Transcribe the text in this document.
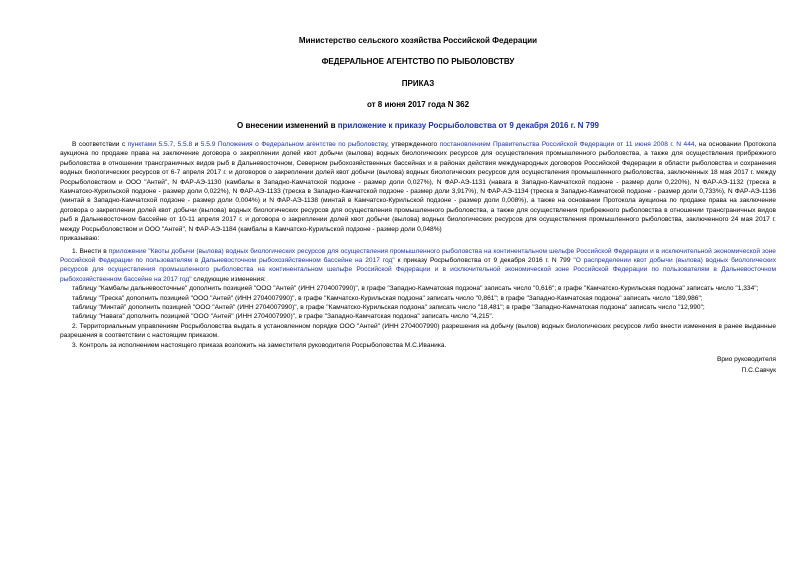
Министерство сельского хозяйства Российской Федерации
ФЕДЕРАЛЬНОЕ АГЕНТСТВО ПО РЫБОЛОВСТВУ
ПРИКАЗ
от 8 июня 2017 года N 362
О внесении изменений в приложение к приказу Росрыболовства от 9 декабря 2016 г. N 799

В соответствии с пунктами 5.5.7, 5.5.8 и 5.5.9 Положения о Федеральном агентстве по рыболовству, утвержденного постановлением Правительства Российской Федерации от 11 июня 2008 г. N 444, на основании Протокола аукциона по продаже права на заключение договора о закреплении долей квот добычи (вылова) водных биологических ресурсов для осуществления промышленного рыболовства, а также для осуществления прибрежного рыболовства в отношении трансграничных видов рыб в Дальневосточном, Северном рыбохозяйственных бассейнах и в районах действия международных договоров Российской Федерации в области рыболовства и сохранения водных биологических ресурсов от 6-7 апреля 2017 г. и договоров о закреплении долей квот добычи (вылова) водных биологических ресурсов для осуществления промышленного рыболовства, заключенных 18 мая 2017 г. между Росрыболовством и ООО "Антей", N ФАР-АЭ-1130 (камбалы в Западно-Камчатской подзоне - размер доли 0,027%), N ФАР-АЭ-1131 (навага в Западно-Камчатской подзоне - размер доли 0,220%), N ФАР-АЭ-1132 (треска в Камчатско-Курильской подзоне - размер доли 0,022%), N ФАР-АЭ-1133 (треска в Западно-Камчатской подзоне - размер доли 3,917%), N ФАР-АЭ-1134 (треска в Западно-Камчатской подзоне - размер доли 0,733%), N ФАР-АЭ-1136 (минтай в Западно-Камчатской подзоне - размер доли 0,004%) и N ФАР-АЭ-1138 (минтай в Камчатско-Курильской подзоне - размер доли 0,008%), а также на основании Протокола аукциона по продаже права на заключение договора о закреплении долей квот добычи (вылова) водных биологических ресурсов для осуществления промышленного рыболовства, а также для осуществления прибрежного рыболовства в отношении трансграничных видов рыб в Дальневосточном бассейне от 10-11 апреля 2017 г. и договора о закреплении долей квот добычи (вылова) водных биологических ресурсов для осуществления промышленного рыболовства, заключенного 24 мая 2017 г. между Росрыболовством и ООО "Антей", N ФАР-АЭ-1184 (камбалы в Камчатско-Курильской подзоне - размер доли 0,048%)

приказываю:

1. Внести в приложение "Квоты добычи (вылова) водных биологических ресурсов для осуществления промышленного рыболовства на континентальном шельфе Российской Федерации и в исключительной экономической зоне Российской Федерации по пользователям в Дальневосточном рыбохозяйственном бассейне на 2017 год" к приказу Росрыболовства от 9 декабря 2016 г. N 799 "О распределении квот добычи (вылова) водных биологических ресурсов для осуществления промышленного рыболовства на континентальном шельфе Российской Федерации и в исключительной экономической зоне Российской Федерации по пользователям в Дальневосточном рыбохозяйственном бассейне на 2017 год" следующие изменения:

таблицу "Камбалы дальневосточные" дополнить позицией "ООО "Антей" (ИНН 2704007990)", в графе "Западно-Камчатская подзона" записать число "0,616"; в графе "Камчатско-Курильская подзона" записать число "1,334";

таблицу "Треска" дополнить позицией "ООО "Антей" (ИНН 2704007990)", в графе "Камчатско-Курильская подзона" записать число "0,861"; в графе "Западно-Камчатская подзона" записать число "189,986";

таблицу "Минтай" дополнить позицией "ООО "Антей" (ИНН 2704007990)", в графе "Камчатско-Курильская подзона" записать число "18,481"; в графе "Западно-Камчатская подзона" записать число "12,990";

таблицу "Навага" дополнить позицией "ООО "Антей" (ИНН 2704007990)", в графе "Западно-Камчатская подзона" записать число "4,215".

2. Территориальным управлениям Росрыболовства выдать в установленном порядке ООО "Антей" (ИНН 2704007990) разрешения на добычу (вылов) водных биологических ресурсов либо внести изменения в ранее выданные разрешения в соответствии с настоящим приказом.

3. Контроль за исполнением настоящего приказа возложить на заместителя руководителя Росрыболовства М.С.Иваника.

Врио руководителя
П.С.Савчук
